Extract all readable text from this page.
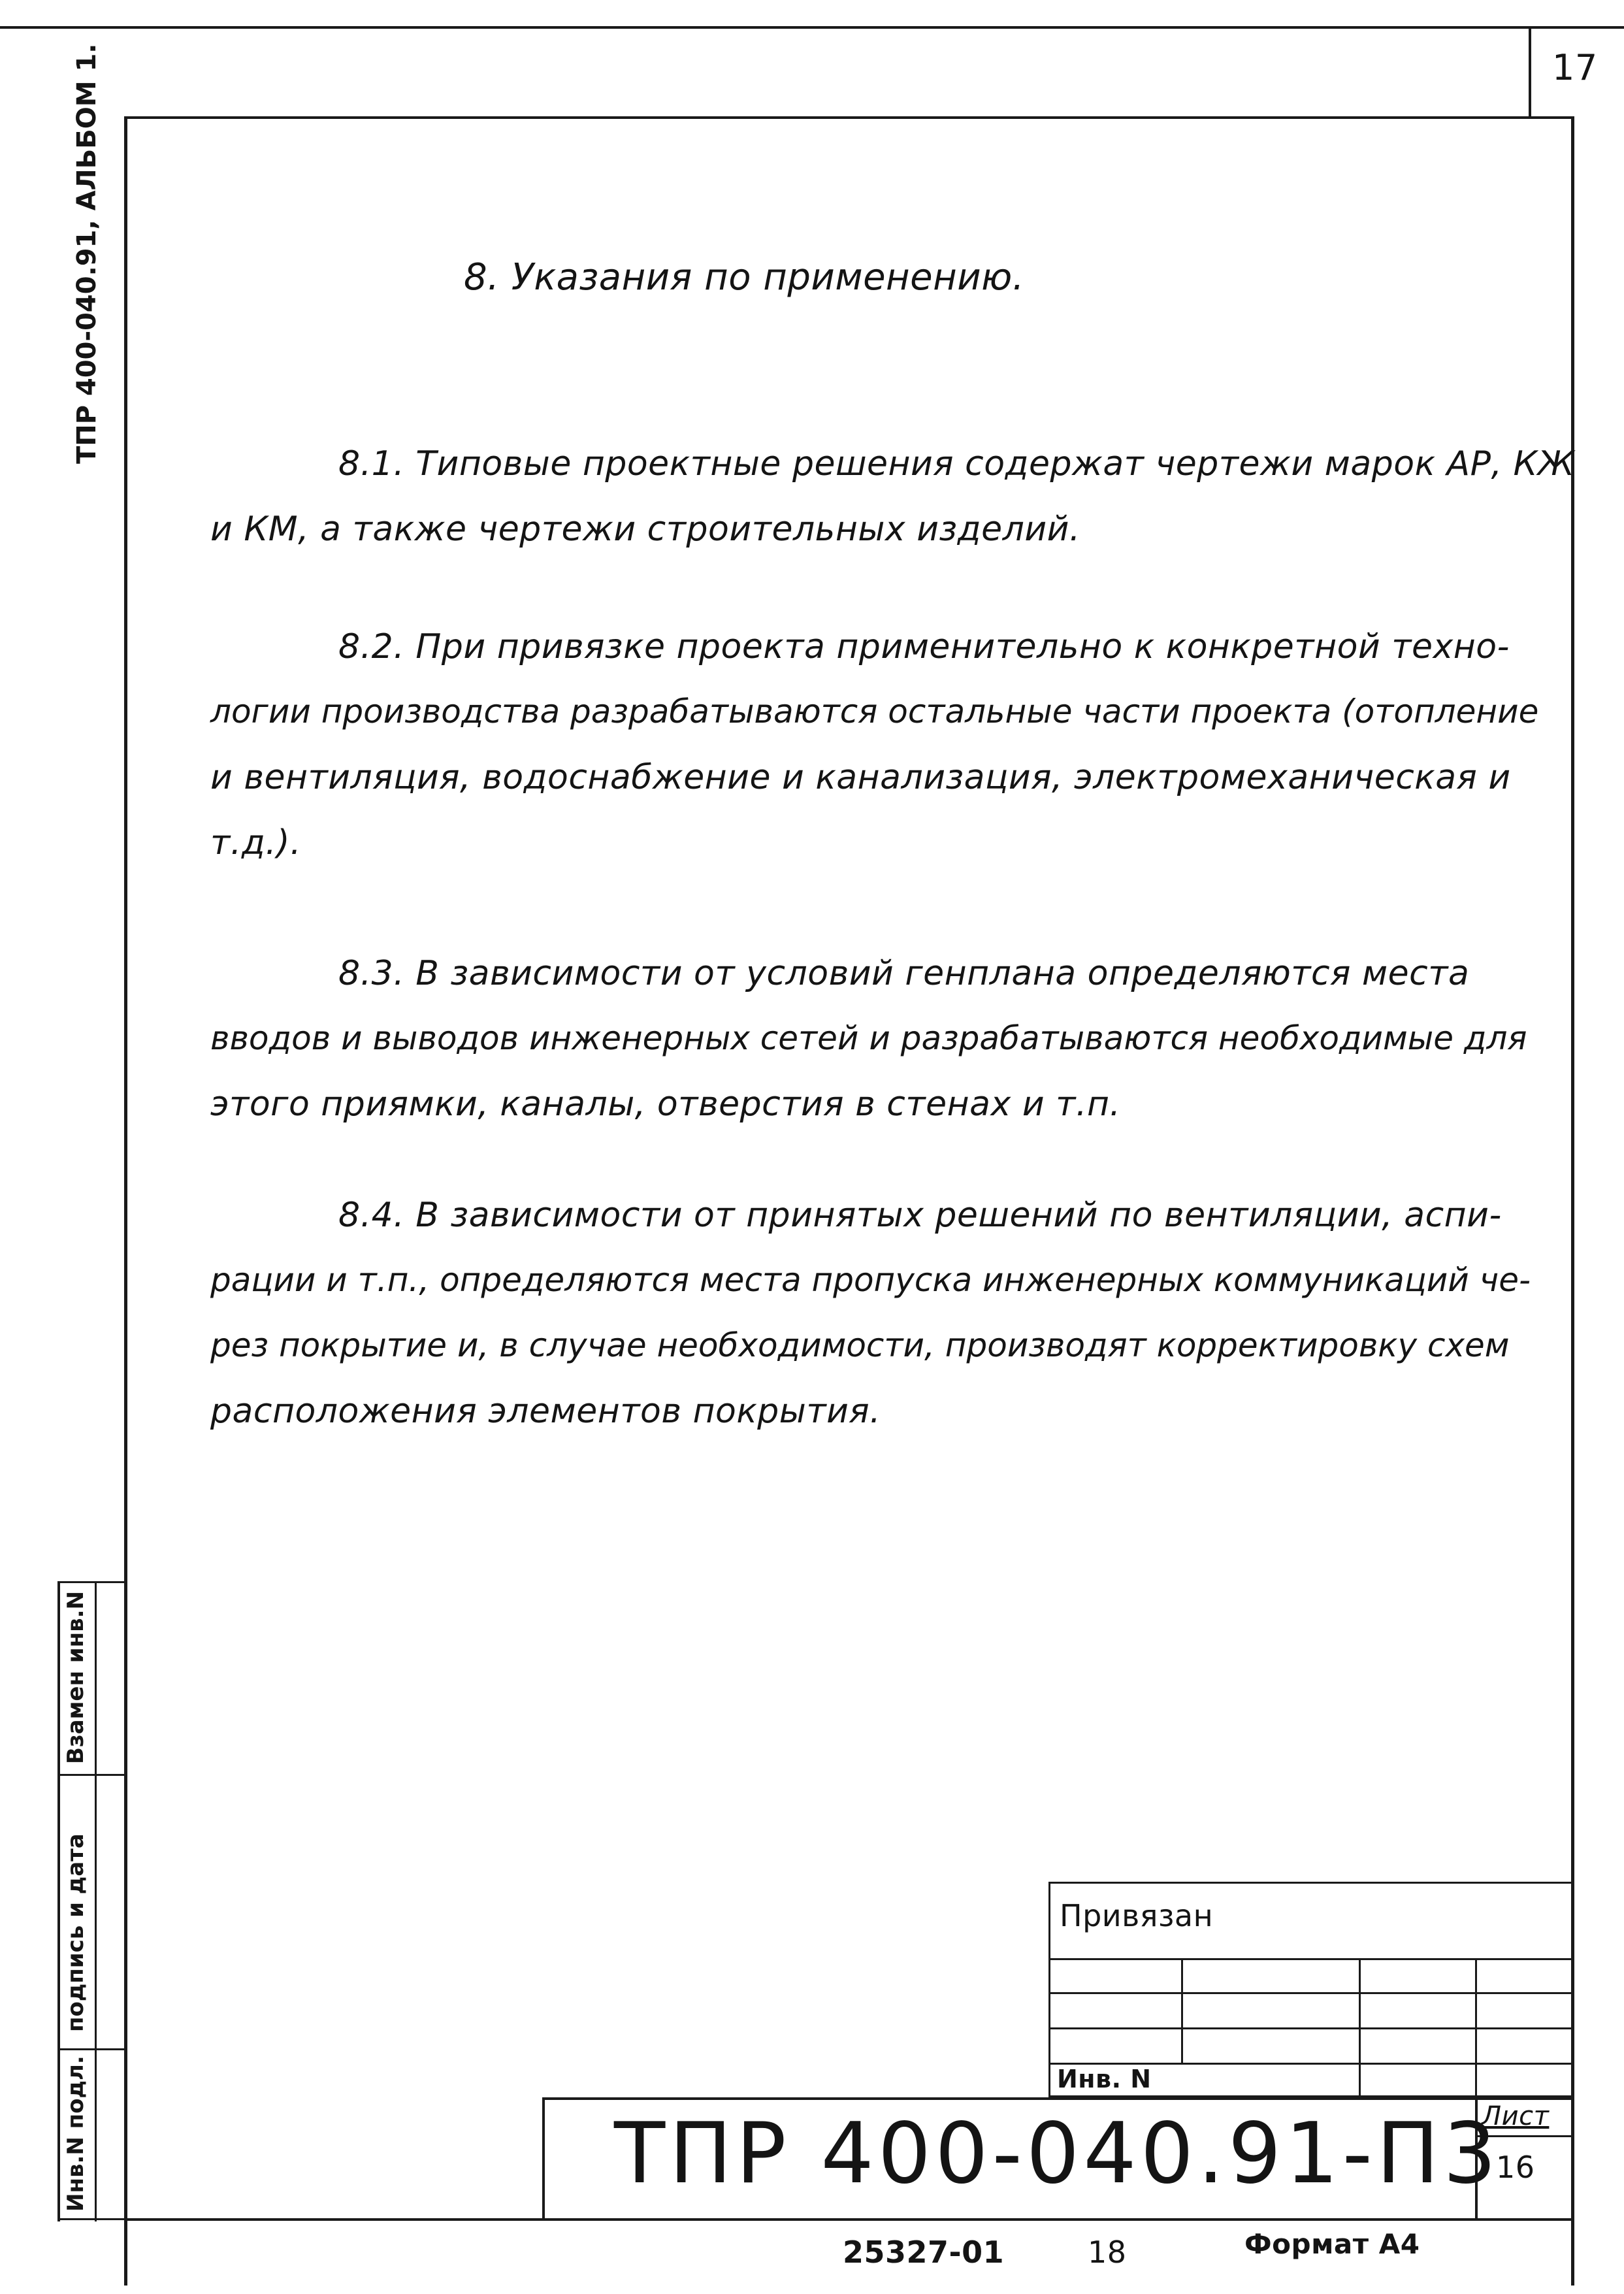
17
ТПР 400-040.91, АЛЬБОМ 1.
Взамен инв.N
подпись и дата
Инв.N подл.
8. Указания по применению.
8.1. Типовые проектные решения содержат чертежи марок АР, КЖ
и КМ, а также чертежи строительных изделий.
8.2. При привязке проекта применительно к конкретной техно-
логии производства разрабатываются остальные части проекта (отопление
и вентиляция, водоснабжение и канализация, электромеханическая и
т.д.).
8.3. В зависимости от условий генплана определяются места
вводов и выводов инженерных сетей и разрабатываются необходимые для
этого приямки, каналы, отверстия в стенах и т.п.
8.4. В зависимости от принятых решений по вентиляции, аспи-
рации и т.п., определяются места пропуска инженерных коммуникаций че-
рез покрытие и, в случае необходимости, производят корректировку схем
расположения элементов покрытия.
Привязан
Инв. N
ТПР 400-040.91-П3
Лист
16
25327-01	18	Формат А4
